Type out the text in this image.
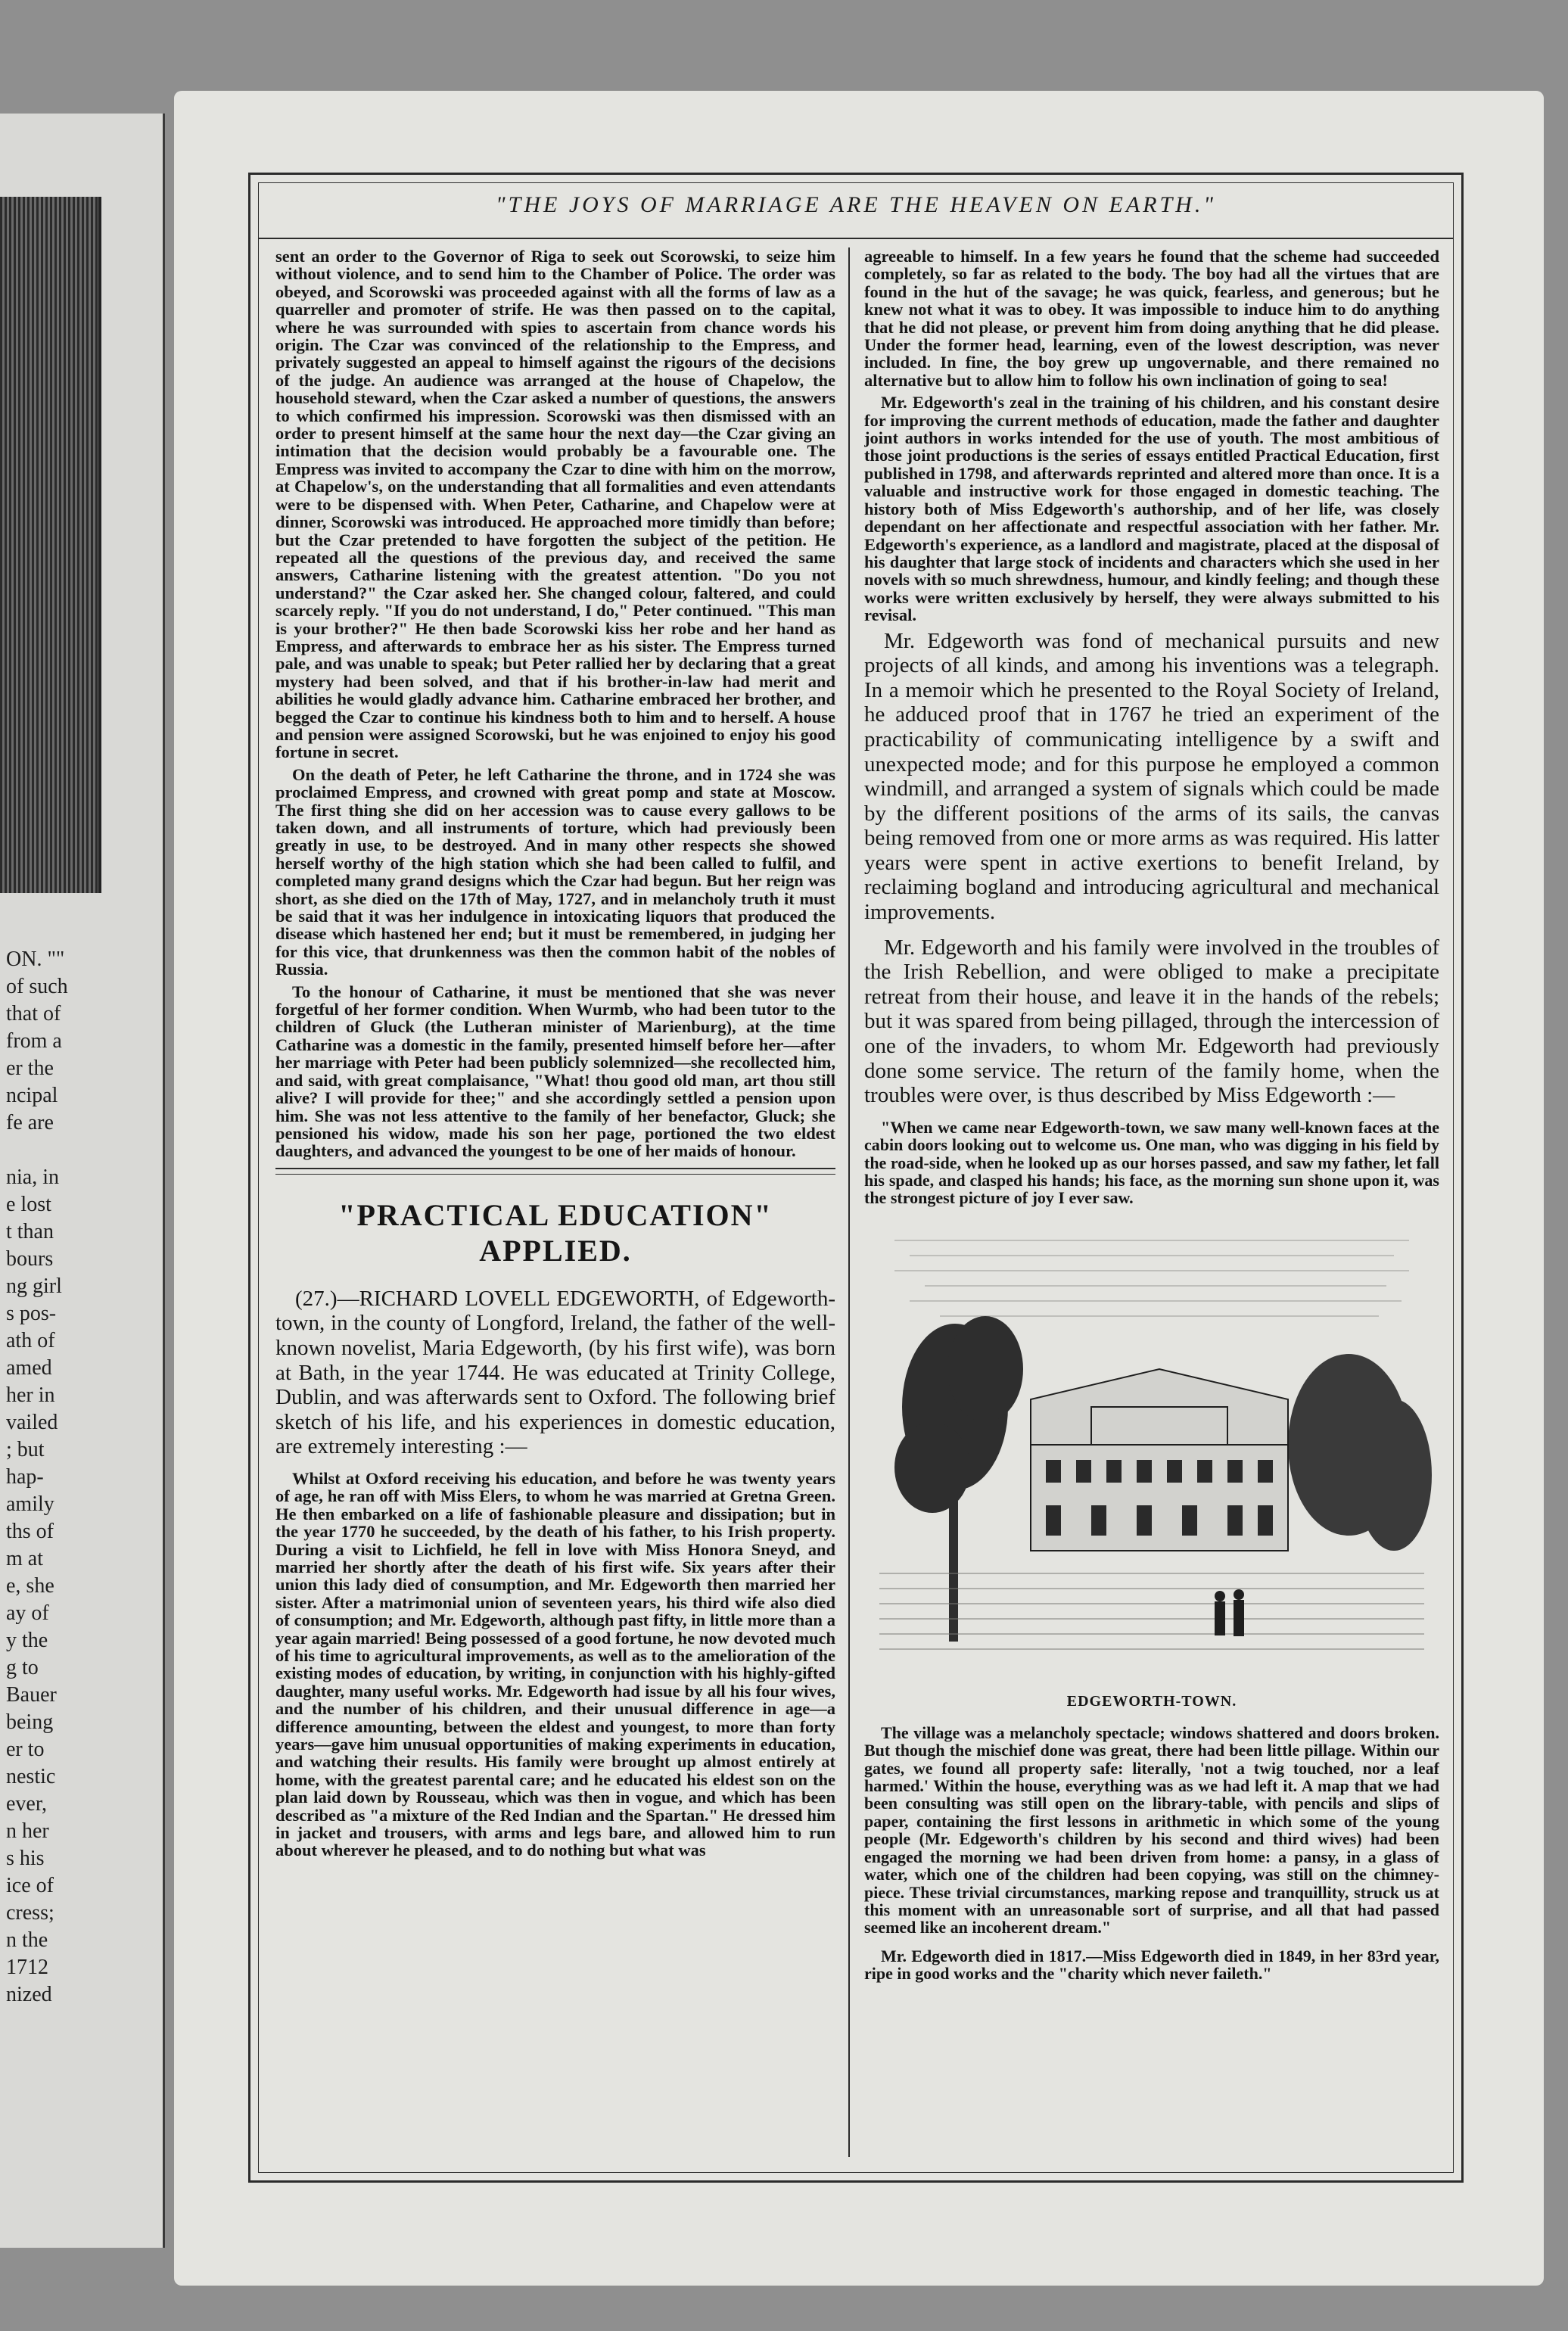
ON. ""
of such
that of
from a
er the
ncipal
fe are

nia, in
e lost
t than
bours
ng girl
s pos-
ath of
amed
her in
vailed
; but
hap-
amily
ths of
m at
e, she
ay of
y the
g to
Bauer
being
er to
nestic
ever,
n her
s his
ice of
cress;
n the
1712
nized
"THE JOYS OF MARRIAGE ARE THE HEAVEN ON EARTH."

sent an order to the Governor of Riga to seek out Scorowski, to seize him without violence, and to send him to the Chamber of Police. The order was obeyed, and Scorowski was proceeded against with all the forms of law as a quarreller and promoter of strife. He was then passed on to the capital, where he was surrounded with spies to ascertain from chance words his origin. The Czar was convinced of the relationship to the Empress, and privately suggested an appeal to himself against the rigours of the decisions of the judge. An audience was arranged at the house of Chapelow, the household steward, when the Czar asked a number of questions, the answers to which confirmed his impression. Scorowski was then dismissed with an order to present himself at the same hour the next day—the Czar giving an intimation that the decision would probably be a favourable one. The Empress was invited to accompany the Czar to dine with him on the morrow, at Chapelow's, on the understanding that all formalities and even attendants were to be dispensed with. When Peter, Catharine, and Chapelow were at dinner, Scorowski was introduced. He approached more timidly than before; but the Czar pretended to have forgotten the subject of the petition. He repeated all the questions of the previous day, and received the same answers, Catharine listening with the greatest attention. "Do you not understand?" the Czar asked her. She changed colour, faltered, and could scarcely reply. "If you do not understand, I do," Peter continued. "This man is your brother?" He then bade Scorowski kiss her robe and her hand as Empress, and afterwards to embrace her as his sister. The Empress turned pale, and was unable to speak; but Peter rallied her by declaring that a great mystery had been solved, and that if his brother-in-law had merit and abilities he would gladly advance him. Catharine embraced her brother, and begged the Czar to continue his kindness both to him and to herself. A house and pension were assigned Scorowski, but he was enjoined to enjoy his good fortune in secret.

On the death of Peter, he left Catharine the throne, and in 1724 she was proclaimed Empress, and crowned with great pomp and state at Moscow. The first thing she did on her accession was to cause every gallows to be taken down, and all instruments of torture, which had previously been greatly in use, to be destroyed. And in many other respects she showed herself worthy of the high station which she had been called to fulfil, and completed many grand designs which the Czar had begun. But her reign was short, as she died on the 17th of May, 1727, and in melancholy truth it must be said that it was her indulgence in intoxicating liquors that produced the disease which hastened her end; but it must be remembered, in judging her for this vice, that drunkenness was then the common habit of the nobles of Russia.

To the honour of Catharine, it must be mentioned that she was never forgetful of her former condition. When Wurmb, who had been tutor to the children of Gluck (the Lutheran minister of Marienburg), at the time Catharine was a domestic in the family, presented himself before her—after her marriage with Peter had been publicly solemnized—she recollected him, and said, with great complaisance, "What! thou good old man, art thou still alive? I will provide for thee;" and she accordingly settled a pension upon him. She was not less attentive to the family of her benefactor, Gluck; she pensioned his widow, made his son her page, portioned the two eldest daughters, and advanced the youngest to be one of her maids of honour.

"PRACTICAL EDUCATION" APPLIED.

(27.)—RICHARD LOVELL EDGEWORTH, of Edgeworth-town, in the county of Longford, Ireland, the father of the well-known novelist, Maria Edgeworth, (by his first wife), was born at Bath, in the year 1744. He was educated at Trinity College, Dublin, and was afterwards sent to Oxford. The following brief sketch of his life, and his experiences in domestic education, are extremely interesting :—

Whilst at Oxford receiving his education, and before he was twenty years of age, he ran off with Miss Elers, to whom he was married at Gretna Green. He then embarked on a life of fashionable pleasure and dissipation; but in the year 1770 he succeeded, by the death of his father, to his Irish property. During a visit to Lichfield, he fell in love with Miss Honora Sneyd, and married her shortly after the death of his first wife. Six years after their union this lady died of consumption, and Mr. Edgeworth then married her sister. After a matrimonial union of seventeen years, his third wife also died of consumption; and Mr. Edgeworth, although past fifty, in little more than a year again married! Being possessed of a good fortune, he now devoted much of his time to agricultural improvements, as well as to the amelioration of the existing modes of education, by writing, in conjunction with his highly-gifted daughter, many useful works. Mr. Edgeworth had issue by all his four wives, and the number of his children, and their unusual difference in age—a difference amounting, between the eldest and youngest, to more than forty years—gave him unusual opportunities of making experiments in education, and watching their results. His family were brought up almost entirely at home, with the greatest parental care; and he educated his eldest son on the plan laid down by Rousseau, which was then in vogue, and which has been described as "a mixture of the Red Indian and the Spartan." He dressed him in jacket and trousers, with arms and legs bare, and allowed him to run about wherever he pleased, and to do nothing but what was

agreeable to himself. In a few years he found that the scheme had succeeded completely, so far as related to the body. The boy had all the virtues that are found in the hut of the savage; he was quick, fearless, and generous; but he knew not what it was to obey. It was impossible to induce him to do anything that he did not please, or prevent him from doing anything that he did please. Under the former head, learning, even of the lowest description, was never included. In fine, the boy grew up ungovernable, and there remained no alternative but to allow him to follow his own inclination of going to sea!

Mr. Edgeworth's zeal in the training of his children, and his constant desire for improving the current methods of education, made the father and daughter joint authors in works intended for the use of youth. The most ambitious of those joint productions is the series of essays entitled Practical Education, first published in 1798, and afterwards reprinted and altered more than once. It is a valuable and instructive work for those engaged in domestic teaching. The history both of Miss Edgeworth's authorship, and of her life, was closely dependant on her affectionate and respectful association with her father. Mr. Edgeworth's experience, as a landlord and magistrate, placed at the disposal of his daughter that large stock of incidents and characters which she used in her novels with so much shrewdness, humour, and kindly feeling; and though these works were written exclusively by herself, they were always submitted to his revisal.

Mr. Edgeworth was fond of mechanical pursuits and new projects of all kinds, and among his inventions was a telegraph. In a memoir which he presented to the Royal Society of Ireland, he adduced proof that in 1767 he tried an experiment of the practicability of communicating intelligence by a swift and unexpected mode; and for this purpose he employed a common windmill, and arranged a system of signals which could be made by the different positions of the arms of its sails, the canvas being removed from one or more arms as was required. His latter years were spent in active exertions to benefit Ireland, by reclaiming bogland and introducing agricultural and mechanical improvements.

Mr. Edgeworth and his family were involved in the troubles of the Irish Rebellion, and were obliged to make a precipitate retreat from their house, and leave it in the hands of the rebels; but it was spared from being pillaged, through the intercession of one of the invaders, to whom Mr. Edgeworth had previously done some service. The return of the family home, when the troubles were over, is thus described by Miss Edgeworth :—

"When we came near Edgeworth-town, we saw many well-known faces at the cabin doors looking out to welcome us. One man, who was digging in his field by the road-side, when he looked up as our horses passed, and saw my father, let fall his spade, and clasped his hands; his face, as the morning sun shone upon it, was the strongest picture of joy I ever saw.

EDGEWORTH-TOWN.

The village was a melancholy spectacle; windows shattered and doors broken. But though the mischief done was great, there had been little pillage. Within our gates, we found all property safe: literally, 'not a twig touched, nor a leaf harmed.' Within the house, everything was as we had left it. A map that we had been consulting was still open on the library-table, with pencils and slips of paper, containing the first lessons in arithmetic in which some of the young people (Mr. Edgeworth's children by his second and third wives) had been engaged the morning we had been driven from home: a pansy, in a glass of water, which one of the children had been copying, was still on the chimney-piece. These trivial circumstances, marking repose and tranquillity, struck us at this moment with an unreasonable sort of surprise, and all that had passed seemed like an incoherent dream."

Mr. Edgeworth died in 1817.—Miss Edgeworth died in 1849, in her 83rd year, ripe in good works and the "charity which never faileth."
